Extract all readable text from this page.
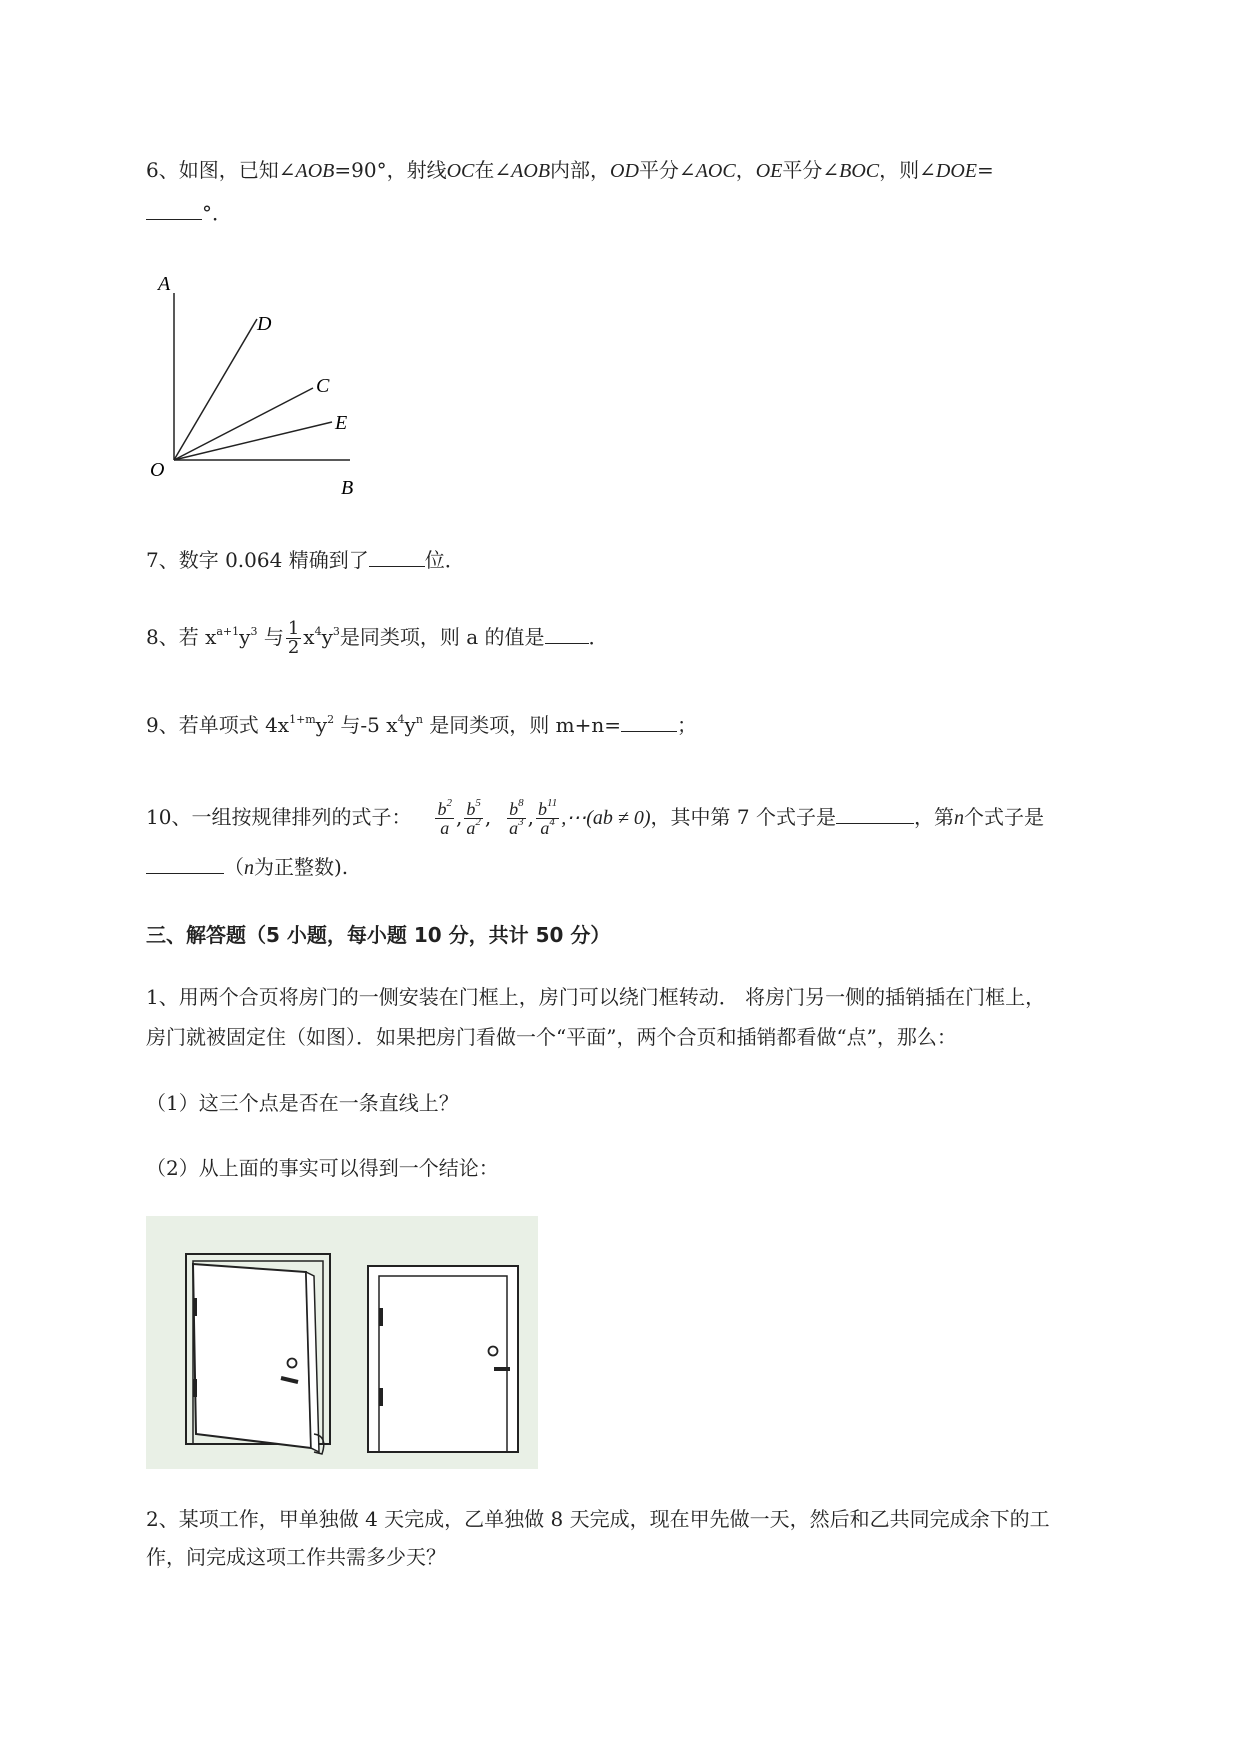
6、如图，已知∠AOB=90°，射线OC在∠AOB内部，OD平分∠AOC，OE平分∠BOC，则∠DOE=
°．
A
D
C
E
O
B
7、数字 0.064 精确到了	位．
8、若 $x^{a+1}y^3$ 与 $\frac{1}{2} x^4y^3$是同类项，则 a 的值是 ．
9、若单项式 $4x^{1+m}y^2$ 与-5 $x^4y^n$ 是同类项，则 m+n=	；
10、一组按规律排列的式子： $\frac{b^2}{a}$ , $\frac{b^5}{a^2}$ , $\frac{b^8}{a^3}$ , $\frac{b^{11}}{a^4}$ ,⋯(ab ≠ 0)，其中第 7 个式子是	，第n个式子是
（n为正整数).
三、解答题（5 小题，每小题 10 分，共计 50 分）
1、用两个合页将房门的一侧安装在门框上，房门可以绕门框转动． 将房门另一侧的插销插在门框上，
房门就被固定住（如图）．如果把房门看做一个“平面”，两个合页和插销都看做“点”，那么：
（1）这三个点是否在一条直线上？
（2）从上面的事实可以得到一个结论：
2、某项工作，甲单独做 4 天完成，乙单独做 8 天完成，现在甲先做一天，然后和乙共同完成余下的工
作，问完成这项工作共需多少天？
